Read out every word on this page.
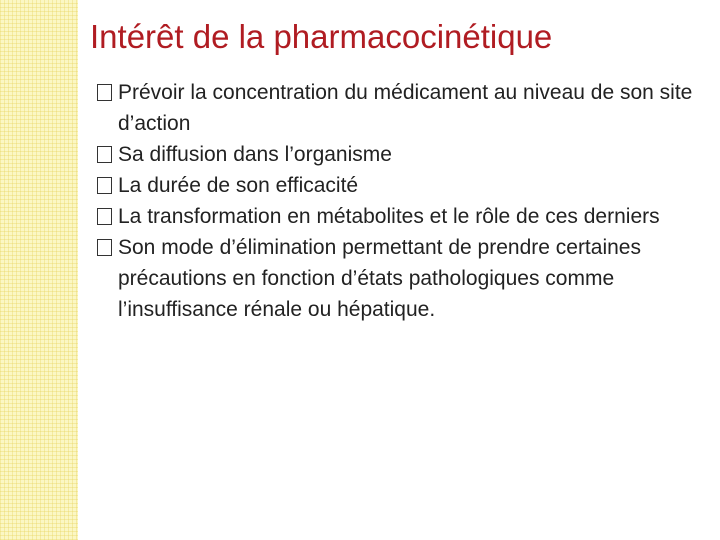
Intérêt de la pharmacocinétique
Prévoir la concentration du médicament au niveau de son site d’action
Sa diffusion dans l’organisme
La durée de son efficacité
La transformation en métabolites et le rôle de ces derniers
Son mode d’élimination permettant de prendre certaines précautions en fonction d’états pathologiques comme l’insuffisance rénale ou hépatique.
